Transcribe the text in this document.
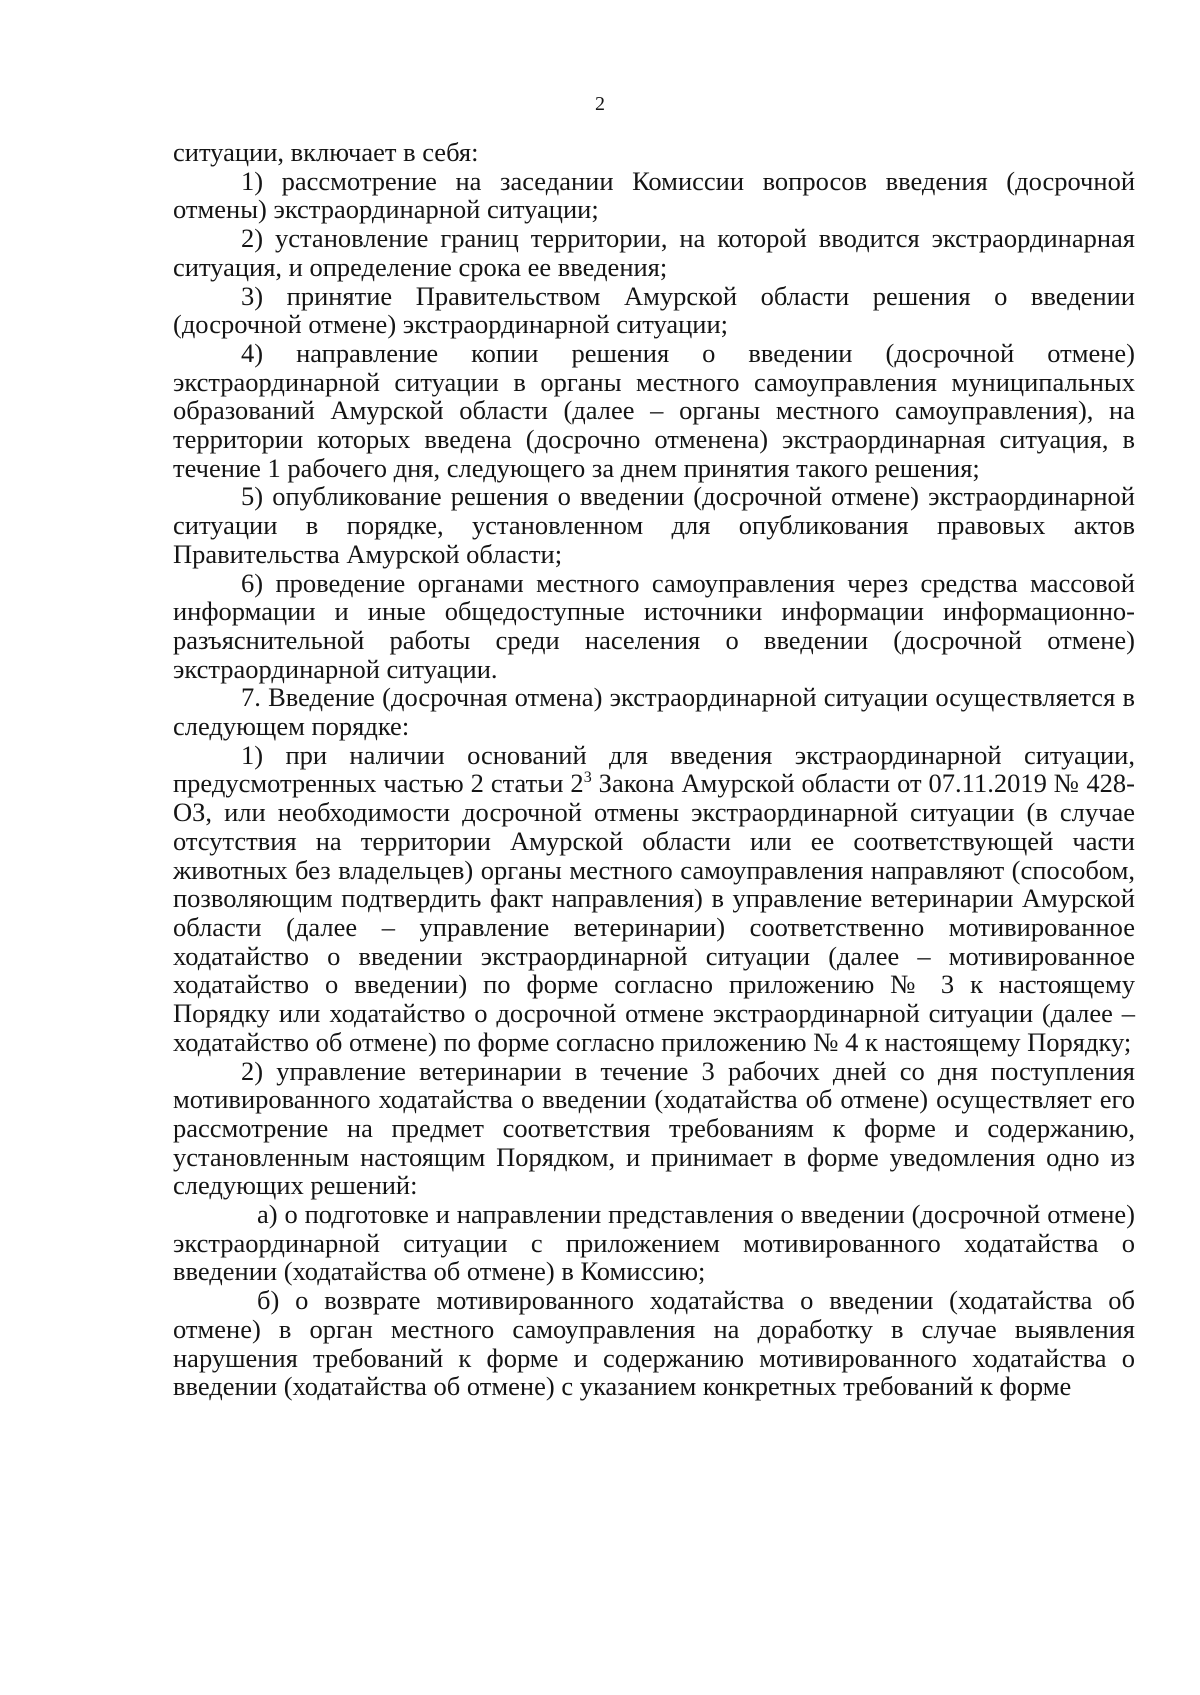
2

ситуации, включает в себя:

1) рассмотрение на заседании Комиссии вопросов введения (досрочной отмены) экстраординарной ситуации;

2) установление границ территории, на которой вводится экстраординарная ситуация, и определение срока ее введения;

3) принятие Правительством Амурской области решения о введении (досрочной отмене) экстраординарной ситуации;

4) направление копии решения о введении (досрочной отмене) экстраординарной ситуации в органы местного самоуправления муниципальных образований Амурской области (далее – органы местного самоуправления), на территории которых введена (досрочно отменена) экстраординарная ситуация, в течение 1 рабочего дня, следующего за днем принятия такого решения;

5) опубликование решения о введении (досрочной отмене) экстраординарной ситуации в порядке, установленном для опубликования правовых актов Правительства Амурской области;

6) проведение органами местного самоуправления через средства массовой информации и иные общедоступные источники информации информационно-разъяснительной работы среди населения о введении (досрочной отмене) экстраординарной ситуации.

7. Введение (досрочная отмена) экстраординарной ситуации осуществляется в следующем порядке:

1) при наличии оснований для введения экстраординарной ситуации, предусмотренных частью 2 статьи $2^3$ Закона Амурской области от 07.11.2019 № 428-ОЗ, или необходимости досрочной отмены экстраординарной ситуации (в случае отсутствия на территории Амурской области или ее соответствующей части животных без владельцев) органы местного самоуправления направляют (способом, позволяющим подтвердить факт направления) в управление ветеринарии Амурской области (далее – управление ветеринарии) соответственно мотивированное ходатайство о введении экстраординарной ситуации (далее – мотивированное ходатайство о введении) по форме согласно приложению № 3 к настоящему Порядку или ходатайство о досрочной отмене экстраординарной ситуации (далее – ходатайство об отмене) по форме согласно приложению № 4 к настоящему Порядку;

2) управление ветеринарии в течение 3 рабочих дней со дня поступления мотивированного ходатайства о введении (ходатайства об отмене) осуществляет его рассмотрение на предмет соответствия требованиям к форме и содержанию, установленным настоящим Порядком, и принимает в форме уведомления одно из следующих решений:

а) о подготовке и направлении представления о введении (досрочной отмене) экстраординарной ситуации с приложением мотивированного ходатайства о введении (ходатайства об отмене) в Комиссию;

б) о возврате мотивированного ходатайства о введении (ходатайства об отмене) в орган местного самоуправления на доработку в случае выявления нарушения требований к форме и содержанию мотивированного ходатайства о введении (ходатайства об отмене) с указанием конкретных требований к форме
